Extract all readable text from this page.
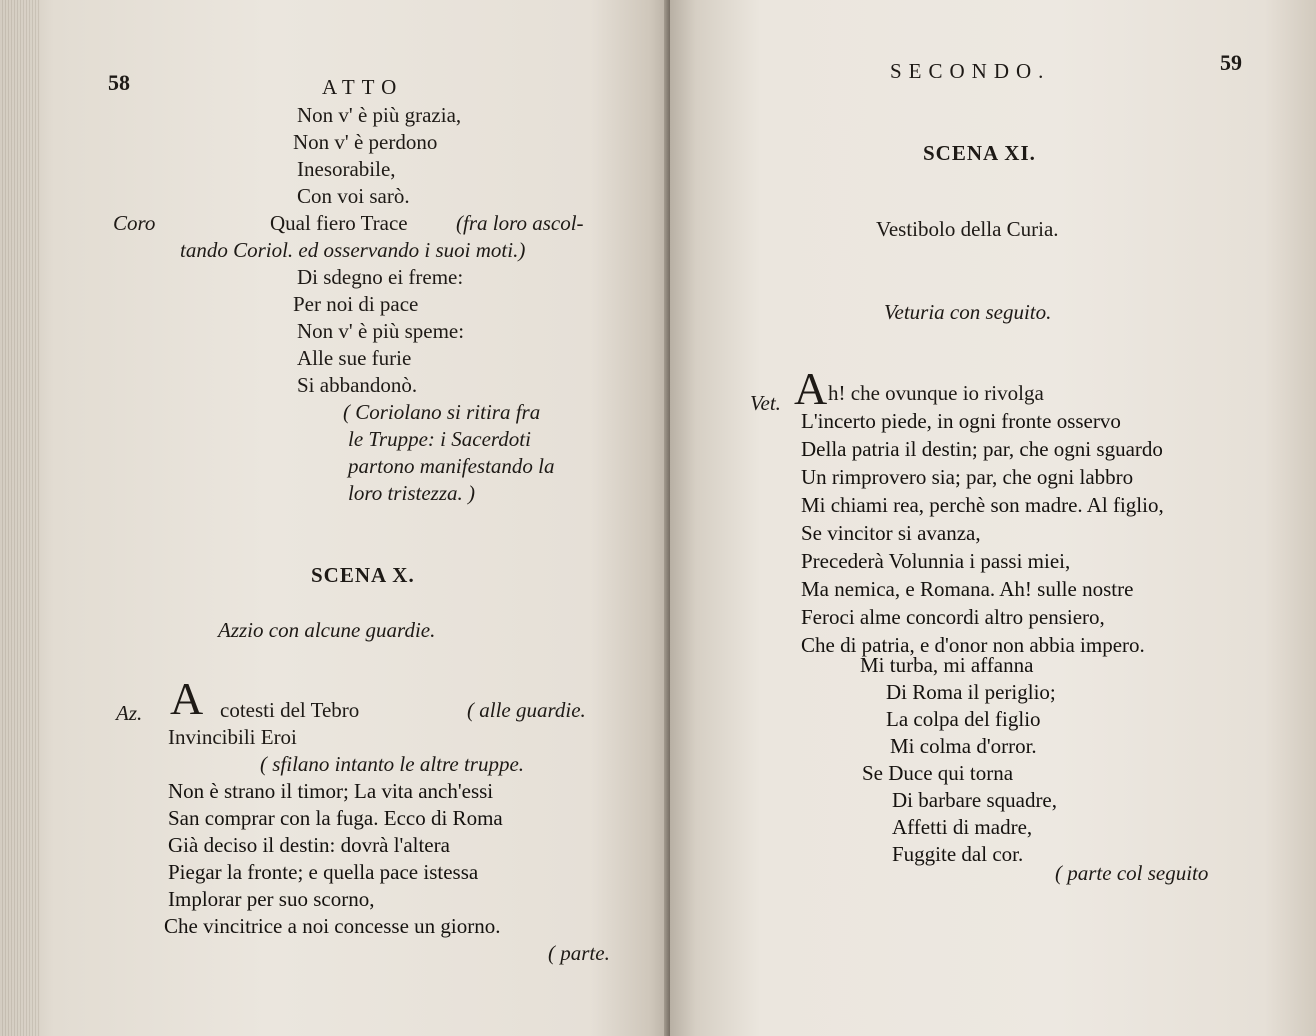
58	ATTO
Non v' è più grazia,
Non v' è perdono
Inesorabile,
Con voi sarò.
Coro	Qual fiero Trace (fra loro ascol-
tando Coriol. ed osservando i suoi moti.)
Di sdegno ei freme:
Per noi di pace
Non v' è più speme:
Alle sue furie
Si abbandonò.
( Coriolano si ritira fra
le Truppe: i Sacerdoti
partono manifestando la
loro tristezza. )
SCENA X.
Azzio con alcune guardie.
Az. A cotesti del Tebro	( alle guardie.
Invincibili Eroi
( sfilano intanto le altre truppe.
Non è strano il timor; La vita anch'essi
San comprar con la fuga. Ecco di Roma
Già deciso il destin: dovrà l'altera
Piegar la fronte; e quella pace istessa
Implorar per suo scorno,
Che vincitrice a noi concesse un giorno.
( parte.
SECONDO.	59
SCENA XI.
Vestibolo della Curia.
Veturia con seguito.
Vet. A h! che ovunque io rivolga
L'incerto piede, in ogni fronte osservo
Della patria il destin; par, che ogni sguardo
Un rimprovero sia; par, che ogni labbro
Mi chiami rea, perchè son madre. Al figlio,
Se vincitor si avanza,
Precederà Volunnia i passi miei,
Ma nemica, e Romana. Ah! sulle nostre
Feroci alme concordi altro pensiero,
Che di patria, e d'onor non abbia impero.
Mi turba, mi affanna
Di Roma il periglio;
La colpa del figlio
Mi colma d'orror.
Se Duce qui torna
Di barbare squadre,
Affetti di madre,
Fuggite dal cor.
( parte col seguito
